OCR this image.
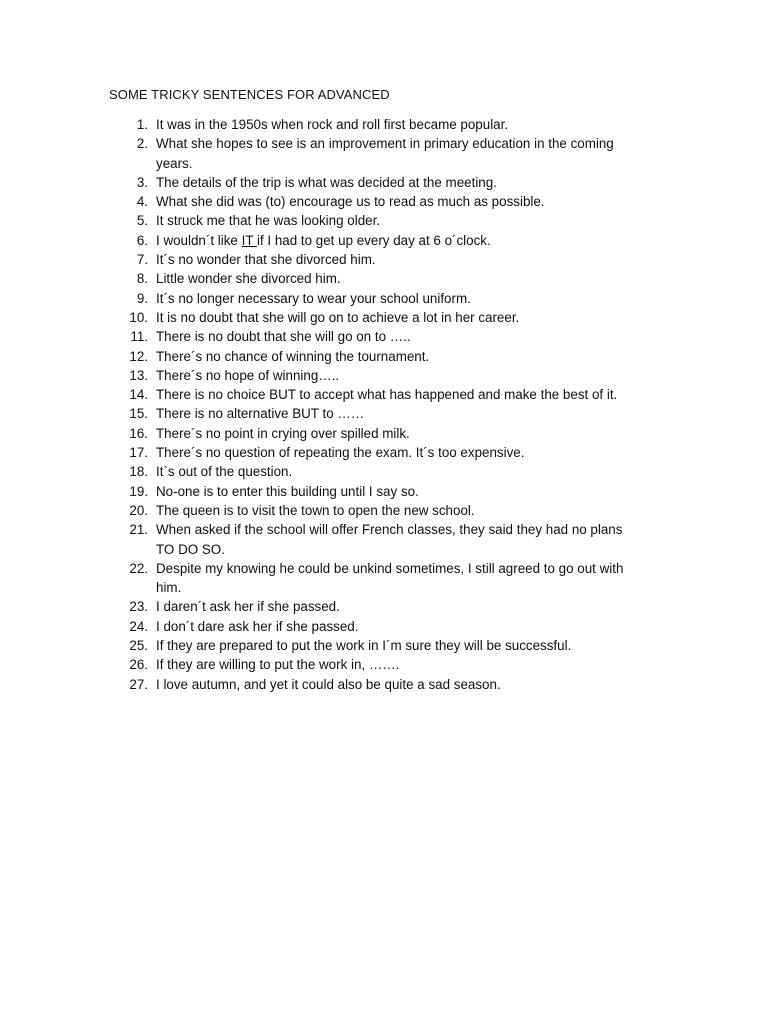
SOME TRICKY SENTENCES FOR ADVANCED
1. It was in the 1950s when rock and roll first became popular.
2. What she hopes to see is an improvement in primary education in the coming
years.
3. The details of the trip is what was decided at the meeting.
4. What she did was (to) encourage us to read as much as possible.
5. It struck me that he was looking older.
6. I wouldn´t like IT if I had to get up every day at 6 o´clock.
7. It´s no wonder that she divorced him.
8. Little wonder she divorced him.
9. It´s no longer necessary to wear your school uniform.
10. It is no doubt that she will go on to achieve a lot in her career.
11. There is no doubt that she will go on to …..
12. There´s no chance of winning the tournament.
13. There´s no hope of winning…..
14. There is no choice BUT to accept what has happened and make the best of it.
15. There is no alternative BUT to ……
16. There´s no point in crying over spilled milk.
17. There´s no question of repeating the exam. It´s too expensive.
18. It`s out of the question.
19. No-one is to enter this building until I say so.
20. The queen is to visit the town to open the new school.
21. When asked if the school will offer French classes, they said they had no plans
TO DO SO.
22. Despite my knowing he could be unkind sometimes, I still agreed to go out with
him.
23. I daren´t ask her if she passed.
24. I don´t dare ask her if she passed.
25. If they are prepared to put the work in I´m sure they will be successful.
26. If they are willing to put the work in, …….
27. I love autumn, and yet it could also be quite a sad season.
